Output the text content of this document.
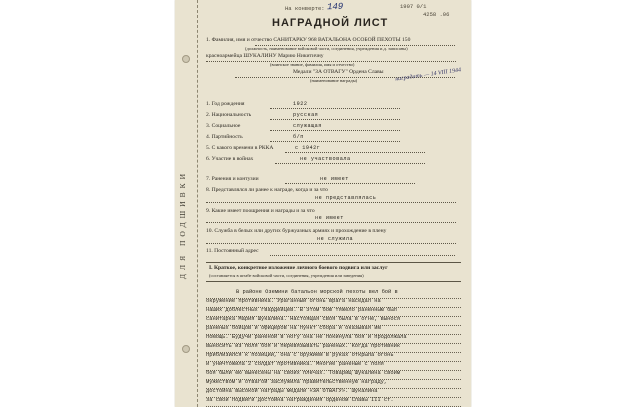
ДЛЯ ПОДШИВКИ
На конверте: 149	1907 0/1
4258 .06
НАГРАДНОЙ ЛИСТ
1. Фамилия, имя и отчество САНИТАРКУ 968 ВАТАЛЬОНА ОСОБОЙ ПЕХОТЫ 150
(должность, наименование войсковой части, соединения, учреждения и.д. записаны)
красноармейца ШУКАЛИНУ Марию Никитичну
(воинское звание, фамилия, имя и отчество)
Медали "ЗА ОТВАГУ" Ордена Славы
(наименование награды)	наградить — 14 VIII 1944
1. Год рождения	1922
2. Национальность	русская
3. Социальное	служащая
4. Партийность	б/п
5. С какого времени в РККА	с 1942г
6. Участие в войнах	не участвовала
7. Ранения и контузии	не имеет
8. Представлялся ли ранее к награде, когда и за что
не представлялась
9. Какие имеет поощрения и награды и за что
не имеет
10. Служба в белых или других буржуазных армиях и прохождение в плену
не служила
11. Постоянный адрес
I. Краткое, конкретное изложение личного боевого подвига или заслуг
(составляется в штабе войсковой части, соединения, учреждения или заведения)
В районе Оземини батальон морской пехоты вел бой в
окружение противника. Ураганный огонь врага наседал на
наших доблестных гвардейцев. В этом бою тяжело раненным был
санитарка Мария Шукалина. Настоящая своя была в огне, вынося
раненых бойцов и офицеров на пункт сбора и оказывая им
помощь. Будучи раненой в ногу она не покинула боя и продолжала
выносить из поля боя и перевязывать раненых. Когда противник
приблизился к позиции, она с оружием в руках открыла огонь
и уничтожила 2 солдат противника. Многие раненые с поля
боя были ею вынесены на своих плечах. Товарищ Шукалина своим
мужеством и отвагой заслужила правительственную награду,
достойна высокой награды медали «ЗА ОТВАГУ». Шукалина
за свои подвиги достойна награждения орденом Славы III ст.
